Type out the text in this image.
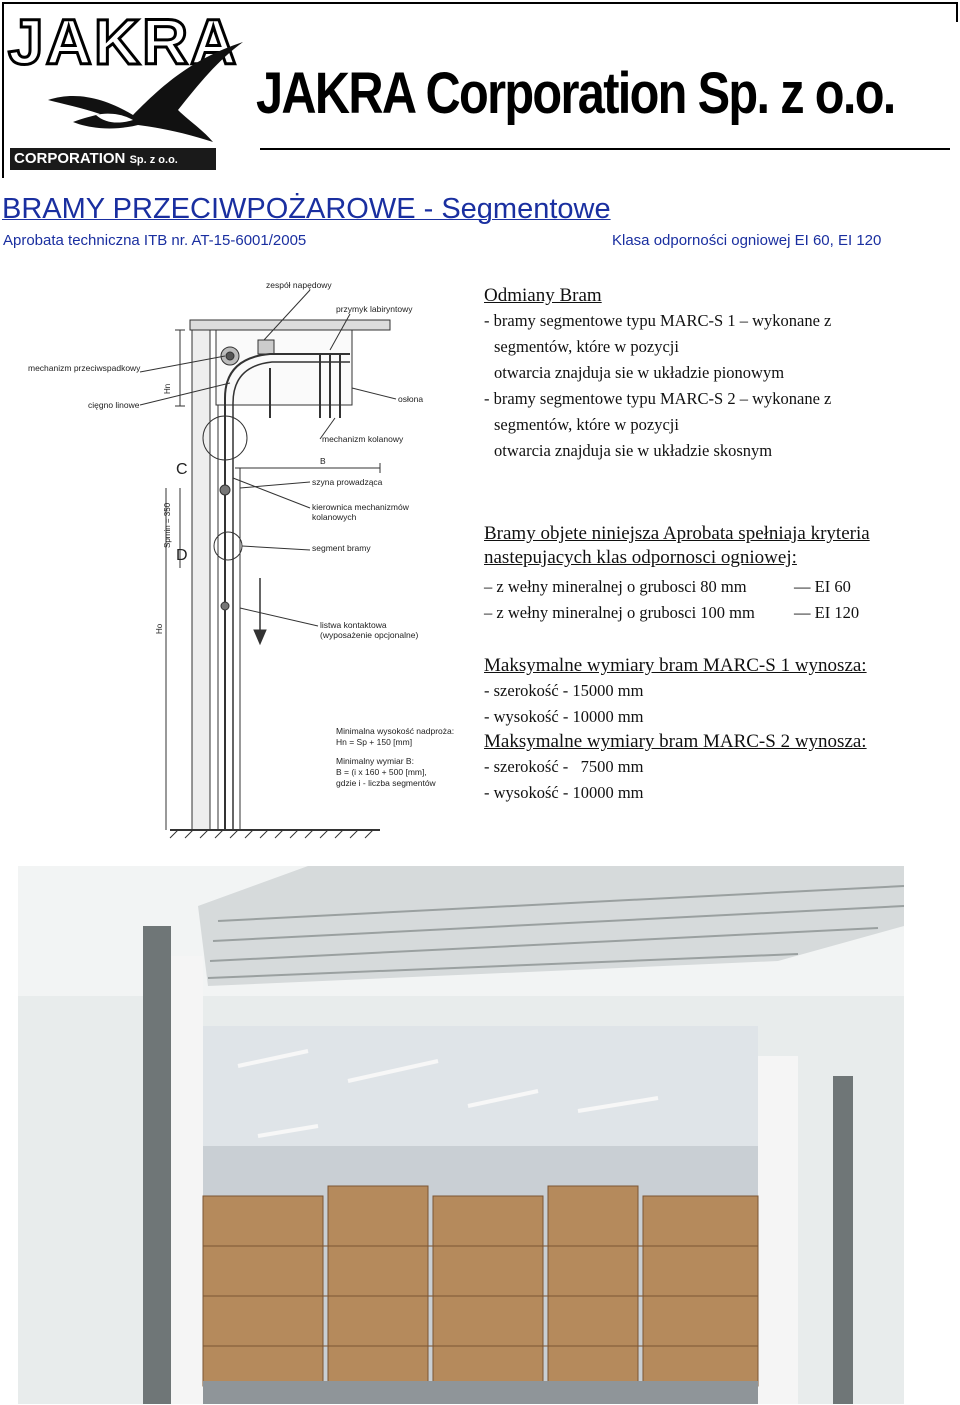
JAKRA
CORPORATION Sp. z o.o.
JAKRA Corporation Sp. z o.o.
BRAMY PRZECIWPOŻAROWE - Segmentowe
Aprobata techniczna ITB nr. AT-15-6001/2005	Klasa odporności ogniowej EI 60, EI 120
zespół napędowy
przymyk labiryntowy
mechanizm przeciwspadkowy
cięgno linowe
osłona
mechanizm kolanowy
szyna prowadząca
kierownica mechanizmów
kolanowych
segment bramy
listwa kontaktowa
(wyposażenie opcjonalne)
Minimalna wysokość nadproża:
Hn = Sp + 150 [mm]
Minimalny wymiar B:
B = (i x 160 + 500 [mm],
gdzie i - liczba segmentów
B
C
D
Hn
Spmin = 350
Ho
Odmiany Bram
- bramy segmentowe typu MARC-S 1 – wykonane z
segmentów, które w pozycji
otwarcia znajduja sie w układzie pionowym
- bramy segmentowe typu MARC-S 2 – wykonane z
segmentów, które w pozycji
otwarcia znajduja sie w układzie skosnym
Bramy objete niniejsza Aprobata spełniaja kryteria
nastepujacych klas odpornosci ogniowej:
– z wełny mineralnej o grubosci 80 mm	— EI 60
– z wełny mineralnej o grubosci 100 mm — EI 120
Maksymalne wymiary bram MARC-S 1 wynosza:
- szerokość - 15000 mm
- wysokość - 10000 mm
Maksymalne wymiary bram MARC-S 2 wynosza:
- szerokość -   7500 mm
- wysokość - 10000 mm
